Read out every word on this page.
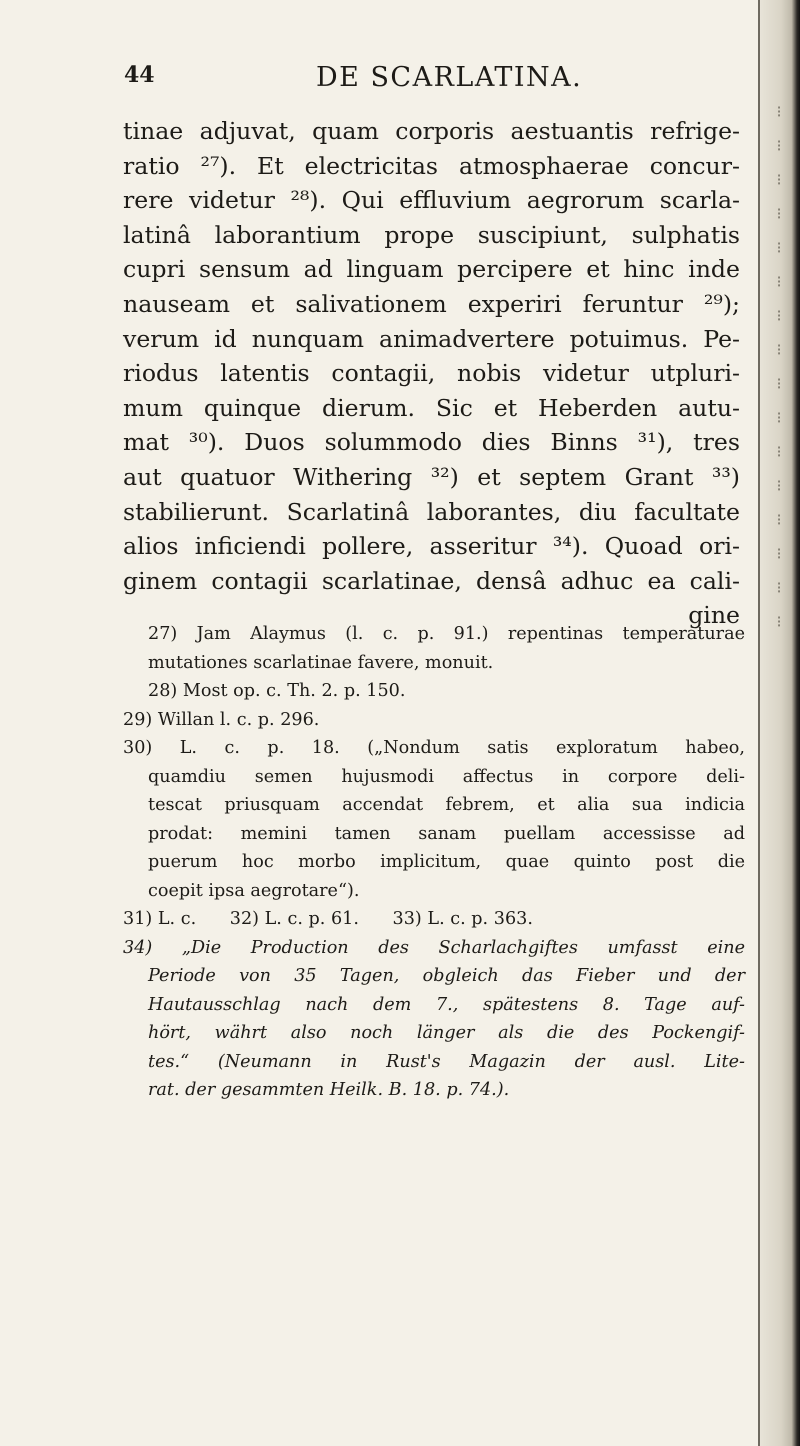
⁝
⁝
⁝
⁝
⁝
⁝
⁝
⁝
⁝
⁝
⁝
⁝
⁝
⁝
⁝
⁝
44	DE SCARLATINA.
tinae adjuvat, quam corporis aestuantis refrige-
ratio ²⁷). Et electricitas atmosphaerae concur-
rere videtur ²⁸). Qui effluvium aegrorum scarla-
latinâ laborantium prope suscipiunt, sulphatis
cupri sensum ad linguam percipere et hinc inde
nauseam et salivationem experiri feruntur ²⁹);
verum id nunquam animadvertere potuimus. Pe-
riodus latentis contagii, nobis videtur utpluri-
mum quinque dierum. Sic et Heberden autu-
mat ³⁰). Duos solummodo dies Binns ³¹), tres
aut quatuor Withering ³²) et septem Grant ³³)
stabilierunt. Scarlatinâ laborantes, diu facultate
alios inficiendi pollere, asseritur ³⁴). Quoad ori-
ginem contagii scarlatinae, densâ adhuc ea cali-
gine
27) Jam Alaymus (l. c. p. 91.) repentinas temperaturae
mutationes scarlatinae favere, monuit.
28) Most op. c. Th. 2. p. 150.
29) Willan l. c. p. 296.
30) L. c. p. 18. („Nondum satis exploratum habeo,
quamdiu semen hujusmodi affectus in corpore deli-
tescat priusquam accendat febrem, et alia sua indicia
prodat: memini tamen sanam puellam accessisse ad
puerum hoc morbo implicitum, quae quinto post die
coepit ipsa aegrotare“).
31) L. c. 32) L. c. p. 61. 33) L. c. p. 363.
34) „Die Production des Scharlachgiftes umfasst eine
Periode von 35 Tagen, obgleich das Fieber und der
Hautausschlag nach dem 7., spätestens 8. Tage auf-
hört, währt also noch länger als die des Pockengif-
tes.“ (Neumann in Rust's Magazin der ausl. Lite-
rat. der gesammten Heilk. B. 18. p. 74.).
